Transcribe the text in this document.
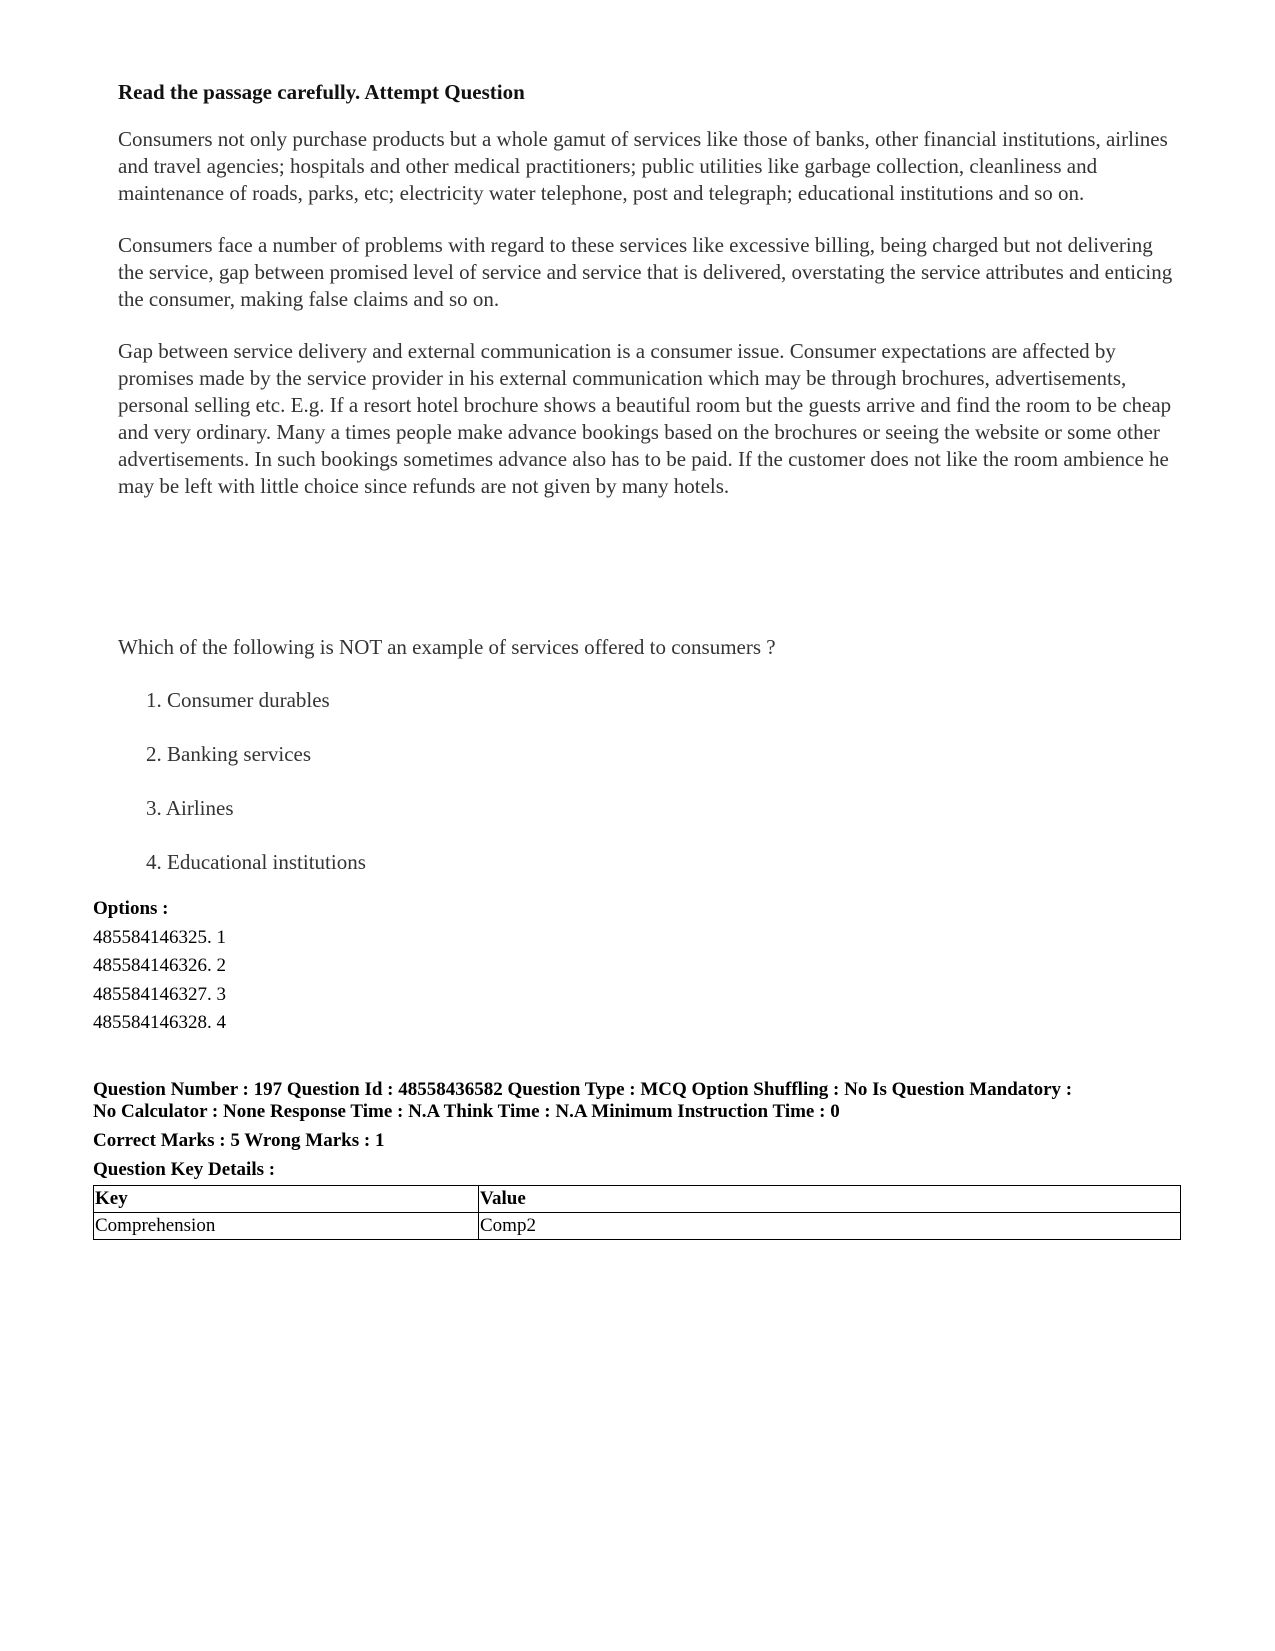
Read the passage carefully. Attempt Question

Consumers not only purchase products but a whole gamut of services like those of banks, other financial institutions, airlines and travel agencies; hospitals and other medical practitioners; public utilities like garbage collection, cleanliness and maintenance of roads, parks, etc; electricity water telephone, post and telegraph; educational institutions and so on.

Consumers face a number of problems with regard to these services like excessive billing, being charged but not delivering the service, gap between promised level of service and service that is delivered, overstating the service attributes and enticing the consumer, making false claims and so on.

Gap between service delivery and external communication is a consumer issue. Consumer expectations are affected by promises made by the service provider in his external communication which may be through brochures, advertisements, personal selling etc. E.g. If a resort hotel brochure shows a beautiful room but the guests arrive and find the room to be cheap and very ordinary. Many a times people make advance bookings based on the brochures or seeing the website or some other advertisements. In such bookings sometimes advance also has to be paid. If the customer does not like the room ambience he may be left with little choice since refunds are not given by many hotels.

Which of the following is NOT an example of services offered to consumers ?

1. Consumer durables
2. Banking services
3. Airlines
4. Educational institutions
Options :
485584146325. 1
485584146326. 2
485584146327. 3
485584146328. 4
Question Number : 197 Question Id : 48558436582 Question Type : MCQ Option Shuffling : No Is Question Mandatory :
No Calculator : None Response Time : N.A Think Time : N.A Minimum Instruction Time : 0
Correct Marks : 5 Wrong Marks : 1
Question Key Details :
Key	Value
Comprehension	Comp2
